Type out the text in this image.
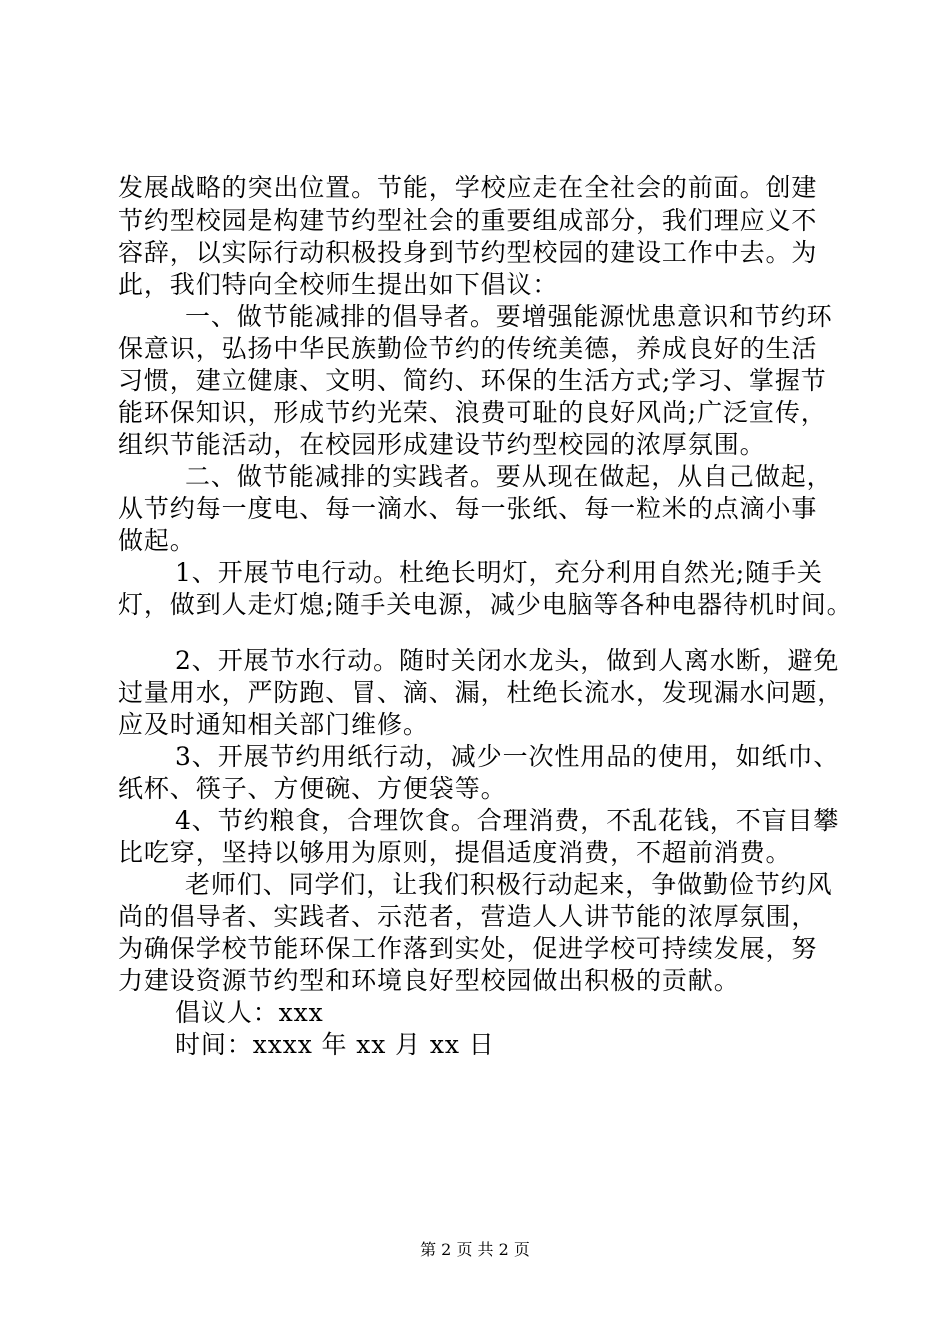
发展战略的突出位置。节能，学校应走在全社会的前面。创建
节约型校园是构建节约型社会的重要组成部分，我们理应义不
容辞，以实际行动积极投身到节约型校园的建设工作中去。为
此，我们特向全校师生提出如下倡议：
一、做节能减排的倡导者。要增强能源忧患意识和节约环
保意识，弘扬中华民族勤俭节约的传统美德，养成良好的生活
习惯，建立健康、文明、简约、环保的生活方式;学习、掌握节
能环保知识，形成节约光荣、浪费可耻的良好风尚;广泛宣传，
组织节能活动，在校园形成建设节约型校园的浓厚氛围。
二、做节能减排的实践者。要从现在做起，从自己做起，
从节约每一度电、每一滴水、每一张纸、每一粒米的点滴小事
做起。
1、开展节电行动。杜绝长明灯，充分利用自然光;随手关
灯，做到人走灯熄;随手关电源，减少电脑等各种电器待机时间。
2、开展节水行动。随时关闭水龙头，做到人离水断，避免
过量用水，严防跑、冒、滴、漏，杜绝长流水，发现漏水问题，
应及时通知相关部门维修。
3、开展节约用纸行动，减少一次性用品的使用，如纸巾、
纸杯、筷子、方便碗、方便袋等。
4、节约粮食，合理饮食。合理消费，不乱花钱，不盲目攀
比吃穿，坚持以够用为原则，提倡适度消费，不超前消费。
老师们、同学们，让我们积极行动起来，争做勤俭节约风
尚的倡导者、实践者、示范者，营造人人讲节能的浓厚氛围，
为确保学校节能环保工作落到实处，促进学校可持续发展，努
力建设资源节约型和环境良好型校园做出积极的贡献。
倡议人：xxx
时间：xxxx 年 xx 月 xx 日
第 2 页 共 2 页
